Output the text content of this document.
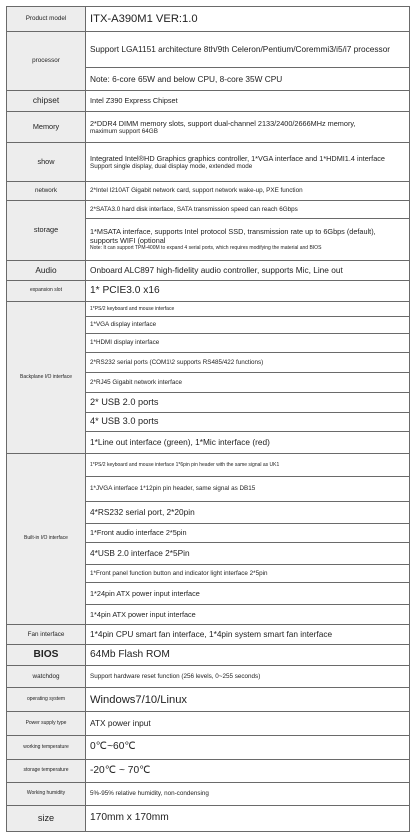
Product model	ITX-A390M1 VER:1.0
processor	Support LGA1151 architecture 8th/9th Celeron/Pentium/Coremmi3/i5/i7 processor
	Note: 6-core 65W and below CPU, 8-core 35W CPU
chipset	Intel Z390 Express Chipset
Memory	2*DDR4 DIMM memory slots, support dual-channel 2133/2400/2666MHz memory,
maximum support 64GB

show	Integrated Intel®HD Graphics graphics controller, 1*VGA interface and 1*HDMI1.4 interface
Support single display, dual display mode, extended mode

network	2*Intel I210AT Gigabit network card, support network wake-up, PXE function
storage	2*SATA3.0 hard disk interface, SATA transmission speed can reach 6Gbps

	1*MSATA interface, supports Intel protocol SSD, transmission rate up to 6Gbps (default), supports WIFI (optional
Note: It can support TPM-400M to expand 4 serial ports, which requires modifying the material and BIOS

Audio	Onboard ALC897 high-fidelity audio controller, supports Mic, Line out
expansion slot	1* PCIE3.0 x16
Backplane I/O interface	1*PS/2 keyboard and mouse interface
	1*VGA display interface
	1*HDMI display interface
	2*RS232 serial ports (COM1\2 supports RS485/422 functions)
	2*RJ45 Gigabit network interface
	2* USB 2.0 ports
	4* USB 3.0 ports
	1*Line out interface (green), 1*Mic interface (red)
Built-in I/O interface	1*PS/2 keyboard and mouse interface 1*6pin pin header with the same signal as UK1
	1*JVGA interface 1*12pin pin header, same signal as DB15
	4*RS232 serial port, 2*20pin
	1*Front audio interface 2*5pin
	4*USB 2.0 interface 2*5Pin
	1*Front panel function button and indicator light interface 2*5pin
	1*24pin ATX power input interface
	1*4pin ATX power input interface
Fan interface	1*4pin CPU smart fan interface, 1*4pin system smart fan interface
BIOS	64Mb Flash ROM
watchdog	Support hardware reset function (256 levels, 0~255 seconds)
operating system	Windows7/10/Linux
Power supply type	ATX power input
working temperature	0℃~60℃
storage temperature	-20℃ ~ 70℃
Working humidity	5%-95% relative humidity, non-condensing
size	170mm x 170mm
